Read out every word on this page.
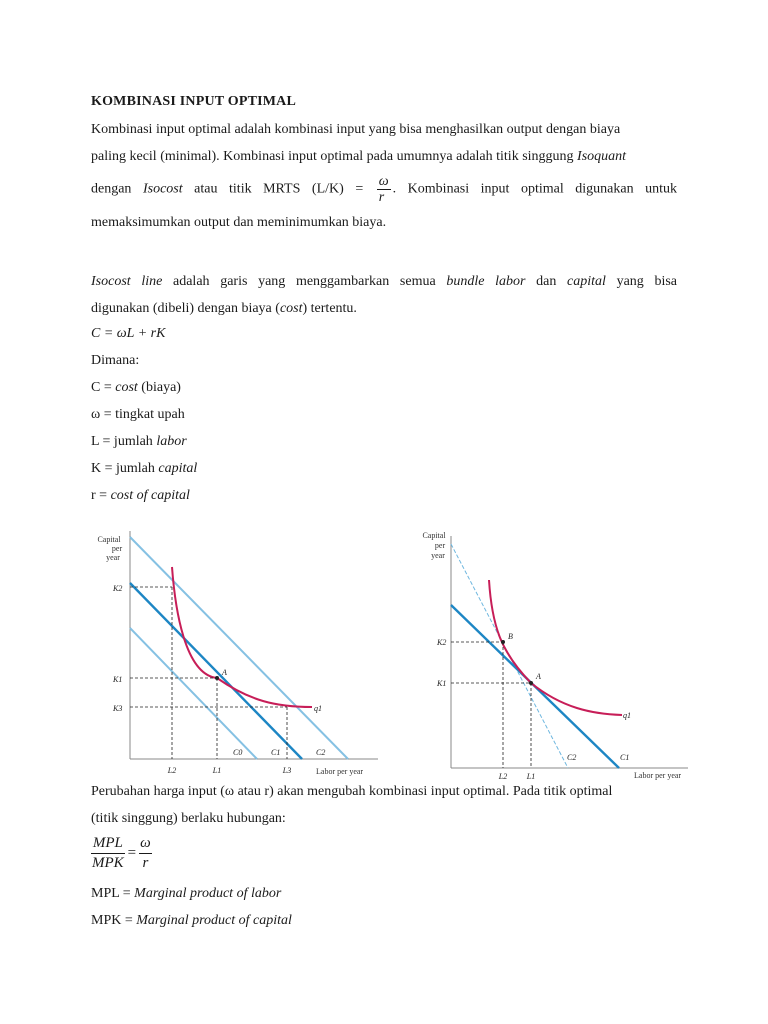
KOMBINASI INPUT OPTIMAL
Kombinasi input optimal adalah kombinasi input yang bisa menghasilkan output dengan biaya
paling kecil (minimal). Kombinasi input optimal pada umumnya adalah titik singgung Isoquant
dengan Isocost atau titik MRTS $(L/K) = \frac{\omega}{r}$ . Kombinasi input optimal digunakan untuk
memaksimumkan output dan meminimumkan biaya.
Isocost line adalah garis yang menggambarkan semua bundle labor dan capital yang bisa
digunakan (dibeli) dengan biaya (cost) tertentu.
C = ωL + rK
Dimana:
C = cost (biaya)
ω = tingkat upah
L = jumlah labor
K = jumlah capital
r = cost of capital
Capital
per
year
A
K2
K1
K3
L2	L1	L3
C0	C1	C2
q1
Labor per year
Capital
per
year
B
A
K2
K1
L2 L1
C2	C1
q1
Labor per year
Perubahan harga input (ω atau r) akan mengubah kombinasi input optimal. Pada titik optimal
(titik singgung) berlaku hubungan:
MPL
MPK
= $\frac{\omega}{r}$
MPL = Marginal product of labor
MPK = Marginal product of capital
